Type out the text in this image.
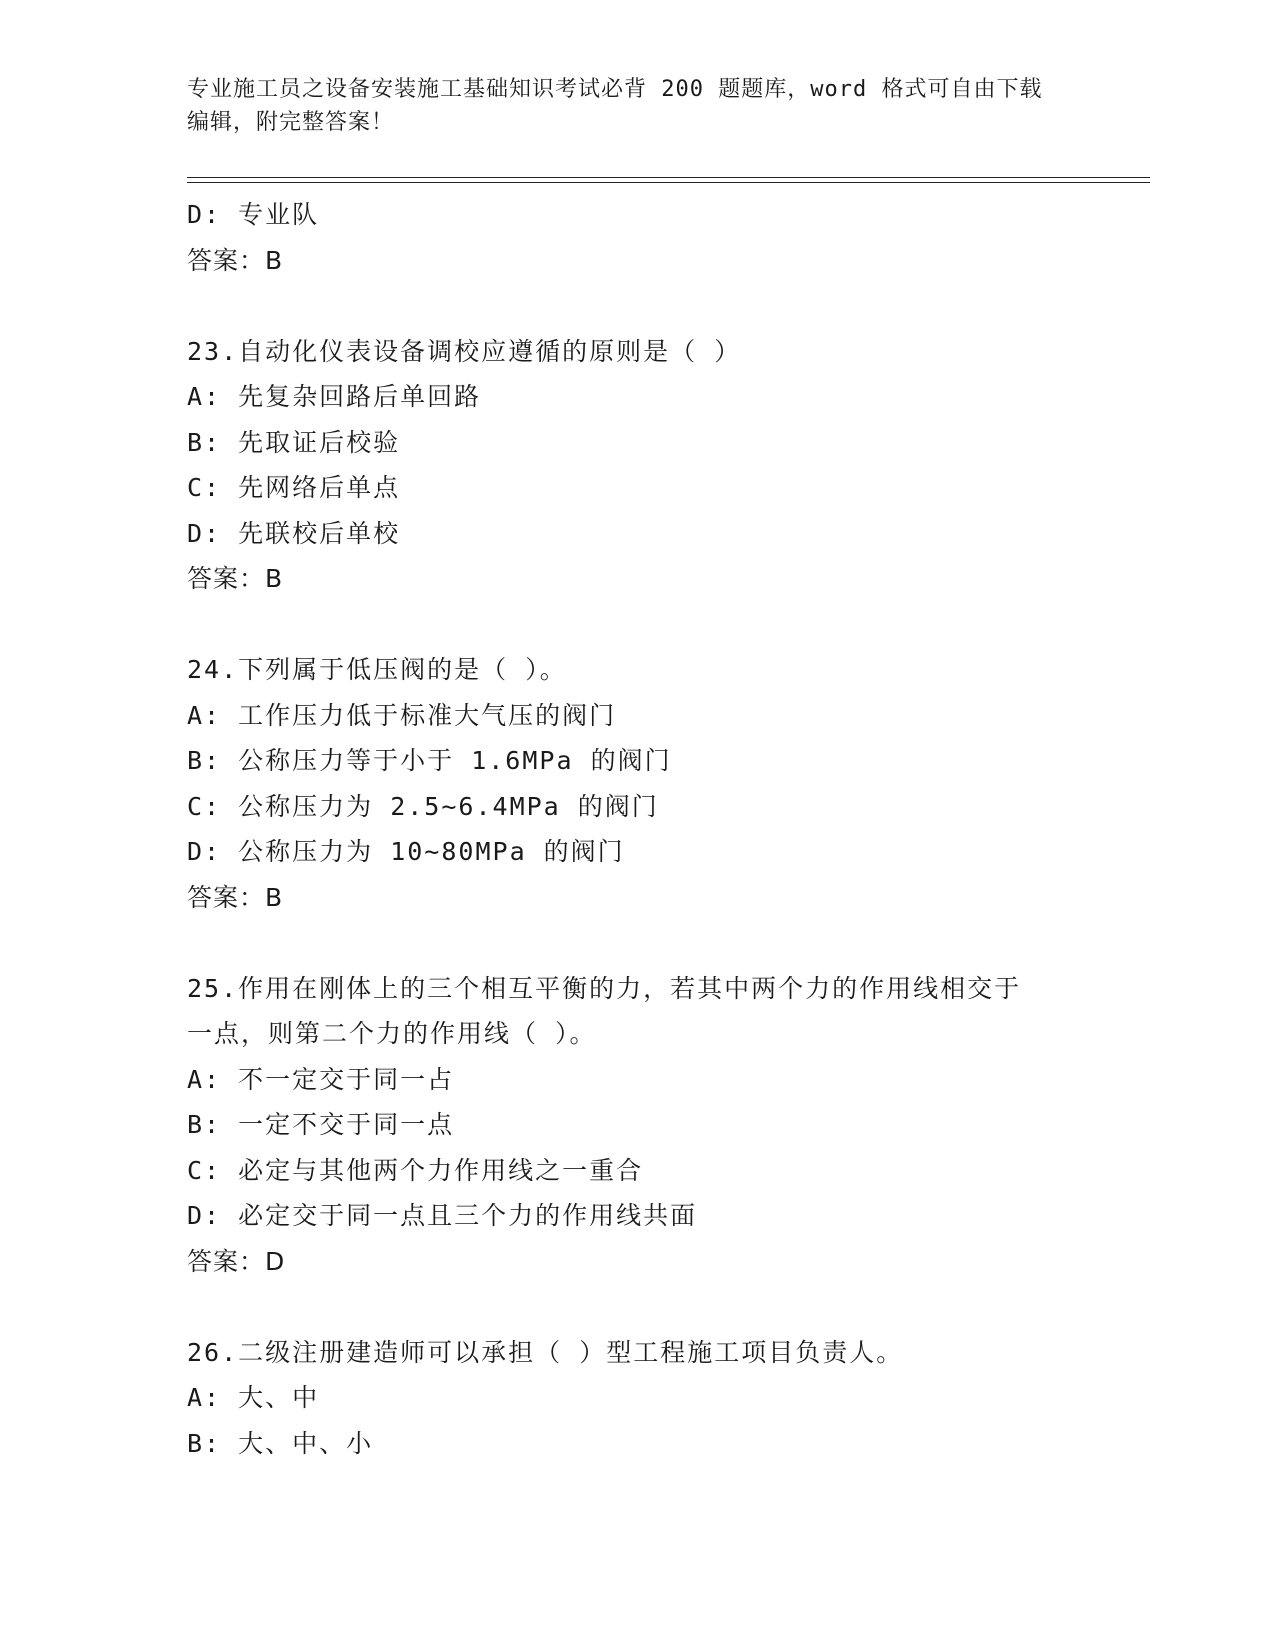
专业施工员之设备安装施工基础知识考试必背 200 题题库，word 格式可自由下载
编辑，附完整答案！
D: 专业队
答案：B
23.自动化仪表设备调校应遵循的原则是（ ）
A: 先复杂回路后单回路
B: 先取证后校验
C: 先网络后单点
D: 先联校后单校
答案：B
24.下列属于低压阀的是（ ）。
A: 工作压力低于标准大气压的阀门
B: 公称压力等于小于 1.6MPa 的阀门
C: 公称压力为 2.5~6.4MPa 的阀门
D: 公称压力为 10~80MPa 的阀门
答案：B
25.作用在刚体上的三个相互平衡的力，若其中两个力的作用线相交于
一点，则第二个力的作用线（ ）。
A: 不一定交于同一占
B: 一定不交于同一点
C: 必定与其他两个力作用线之一重合
D: 必定交于同一点且三个力的作用线共面
答案：D
26.二级注册建造师可以承担（ ）型工程施工项目负责人。
A: 大、中
B: 大、中、小
